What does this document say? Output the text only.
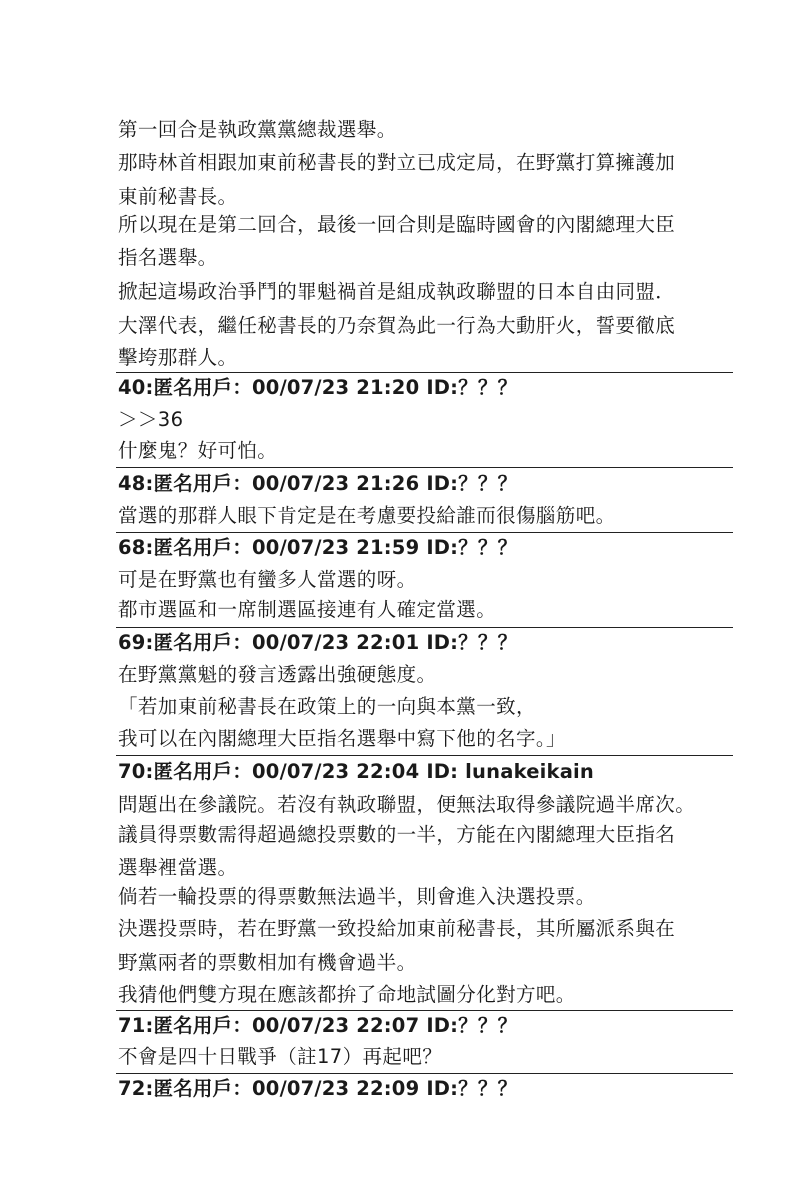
第一回合是執政黨黨總裁選舉。
那時林首相跟加東前秘書長的對立已成定局，在野黨打算擁護加
東前秘書長。
所以現在是第二回合，最後一回合則是臨時國會的內閣總理大臣
指名選舉。
掀起這場政治爭鬥的罪魁禍首是組成執政聯盟的日本自由同盟．
大澤代表，繼任秘書長的乃奈賀為此一行為大動肝火，誓要徹底
擊垮那群人。
40:匿名用戶：00/07/23 21:20 ID:？？？
＞＞36
什麼鬼？好可怕。
48:匿名用戶：00/07/23 21:26 ID:？？？
當選的那群人眼下肯定是在考慮要投給誰而很傷腦筋吧。
68:匿名用戶：00/07/23 21:59 ID:？？？
可是在野黨也有蠻多人當選的呀。
都市選區和一席制選區接連有人確定當選。
69:匿名用戶：00/07/23 22:01 ID:？？？
在野黨黨魁的發言透露出強硬態度。
「若加東前秘書長在政策上的一向與本黨一致，
我可以在內閣總理大臣指名選舉中寫下他的名字。」
70:匿名用戶：00/07/23 22:04 ID: lunakeikain
問題出在參議院。若沒有執政聯盟，便無法取得參議院過半席次。
議員得票數需得超過總投票數的一半，方能在內閣總理大臣指名
選舉裡當選。
倘若一輪投票的得票數無法過半，則會進入決選投票。
決選投票時，若在野黨一致投給加東前秘書長，其所屬派系與在
野黨兩者的票數相加有機會過半。
我猜他們雙方現在應該都拚了命地試圖分化對方吧。
71:匿名用戶：00/07/23 22:07 ID:？？？
不會是四十日戰爭（註17）再起吧？
72:匿名用戶：00/07/23 22:09 ID:？？？
